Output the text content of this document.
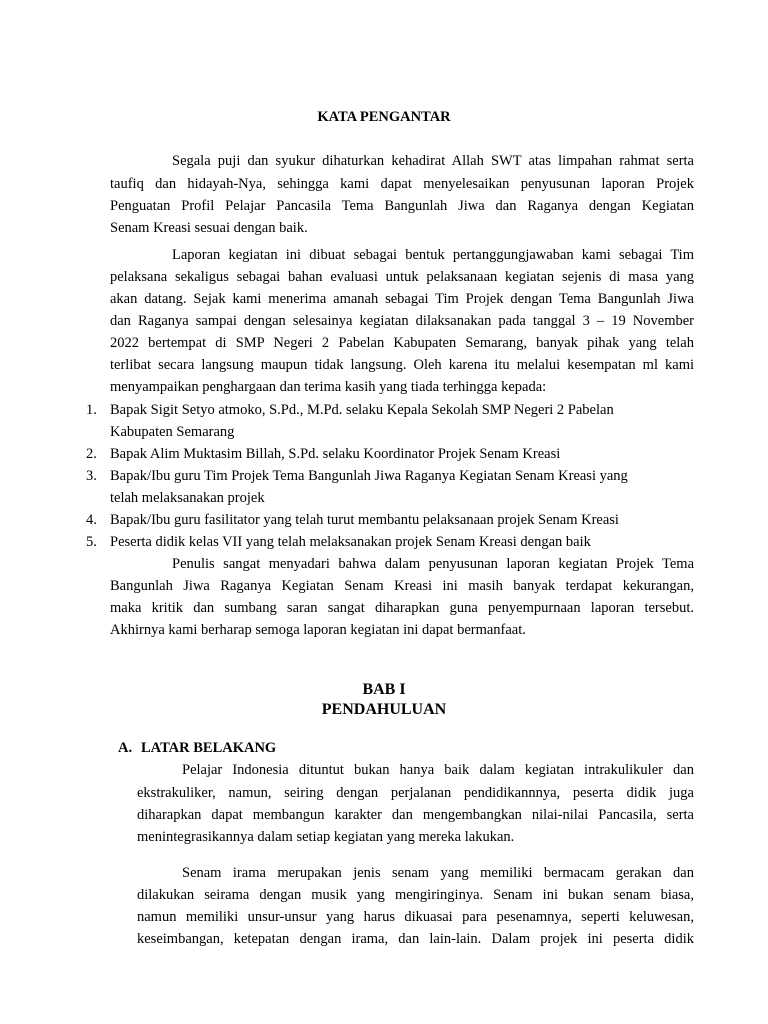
KATA PENGANTAR

Segala puji dan syukur dihaturkan kehadirat Allah SWT atas limpahan rahmat serta

taufiq dan hidayah-Nya, sehingga kami dapat menyelesaikan penyusunan laporan Projek

Penguatan Profil Pelajar Pancasila Tema Bangunlah Jiwa dan Raganya dengan Kegiatan

Senam Kreasi sesuai dengan baik.

Laporan kegiatan ini dibuat sebagai bentuk pertanggungjawaban kami sebagai Tim

pelaksana sekaligus sebagai bahan evaluasi untuk pelaksanaan kegiatan sejenis di masa yang

akan datang. Sejak kami menerima amanah sebagai Tim Projek dengan Tema Bangunlah Jiwa

dan Raganya sampai dengan selesainya kegiatan dilaksanakan pada tanggal 3 – 19 November

2022 bertempat di SMP Negeri 2 Pabelan Kabupaten Semarang, banyak pihak yang telah

terlibat secara langsung maupun tidak langsung. Oleh karena itu melalui kesempatan ml kami

menyampaikan penghargaan dan terima kasih yang tiada terhingga kepada:

1. Bapak Sigit Setyo atmoko, S.Pd., M.Pd. selaku Kepala Sekolah SMP Negeri 2 Pabelan

Kabupaten Semarang

2. Bapak Alim Muktasim Billah, S.Pd. selaku Koordinator Projek Senam Kreasi

3. Bapak/Ibu guru Tim Projek Tema Bangunlah Jiwa Raganya Kegiatan Senam Kreasi yang

telah melaksanakan projek

4. Bapak/Ibu guru fasilitator yang telah turut membantu pelaksanaan projek Senam Kreasi

5. Peserta didik kelas VII yang telah melaksanakan projek Senam Kreasi dengan baik

Penulis sangat menyadari bahwa dalam penyusunan laporan kegiatan Projek Tema

Bangunlah Jiwa Raganya Kegiatan Senam Kreasi ini masih banyak terdapat kekurangan,

maka kritik dan sumbang saran sangat diharapkan guna penyempurnaan laporan tersebut.

Akhirnya kami berharap semoga laporan kegiatan ini dapat bermanfaat.

BAB I

PENDAHULUAN

A. LATAR BELAKANG

Pelajar Indonesia dituntut bukan hanya baik dalam kegiatan intrakulikuler dan

ekstrakuliker, namun, seiring dengan perjalanan pendidikannnya, peserta didik juga

diharapkan dapat membangun karakter dan mengembangkan nilai-nilai Pancasila, serta

menintegrasikannya dalam setiap kegiatan yang mereka lakukan.

Senam irama merupakan jenis senam yang memiliki bermacam gerakan dan

dilakukan seirama dengan musik yang mengiringinya. Senam ini bukan senam biasa,

namun memiliki unsur-unsur yang harus dikuasai para pesenamnya, seperti keluwesan,

keseimbangan, ketepatan dengan irama, dan lain-lain. Dalam projek ini peserta didik
